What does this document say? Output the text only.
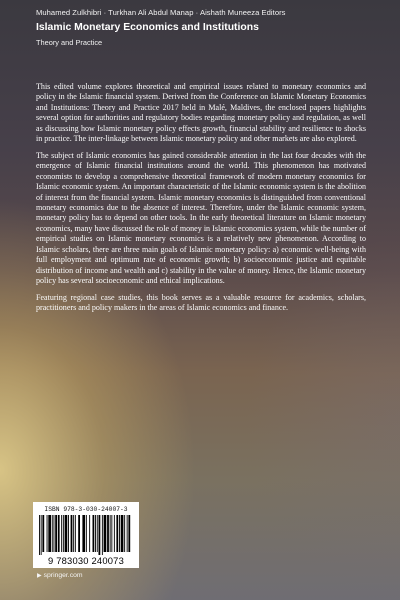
Muhamed Zulkhibri · Turkhan Ali Abdul Manap · Aishath Muneeza Editors
Islamic Monetary Economics and Institutions
Theory and Practice

This edited volume explores theoretical and empirical issues related to monetary economics and policy in the Islamic financial system. Derived from the Conference on Islamic Monetary Economics and Institutions: Theory and Practice 2017 held in Malé, Maldives, the enclosed papers highlights several option for authorities and regulatory bodies regarding monetary policy and regulation, as well as discussing how Islamic monetary policy effects growth, financial stability and resilience to shocks in practice. The inter-linkage between Islamic monetary policy and other markets are also explored.

The subject of Islamic economics has gained considerable attention in the last four decades with the emergence of Islamic financial institutions around the world. This phenomenon has motivated economists to develop a comprehensive theoretical framework of modern monetary economics for Islamic economic system. An important characteristic of the Islamic economic system is the abolition of interest from the financial system. Islamic monetary economics is distinguished from conventional monetary economics due to the absence of interest. Therefore, under the Islamic economic system, monetary policy has to depend on other tools. In the early theoretical literature on Islamic monetary economics, many have discussed the role of money in Islamic economics system, while the number of empirical studies on Islamic monetary economics is a relatively new phenomenon. According to Islamic scholars, there are three main goals of Islamic monetary policy: a) economic well-being with full employment and optimum rate of economic growth; b) socioeconomic justice and equitable distribution of income and wealth and c) stability in the value of money. Hence, the Islamic monetary policy has several socioeconomic and ethical implications.

Featuring regional case studies, this book serves as a valuable resource for academics, scholars, practitioners and policy makers in the areas of Islamic economics and finance.

ISBN 978-3-030-24007-3
9 783030 240073
▶ springer.com
